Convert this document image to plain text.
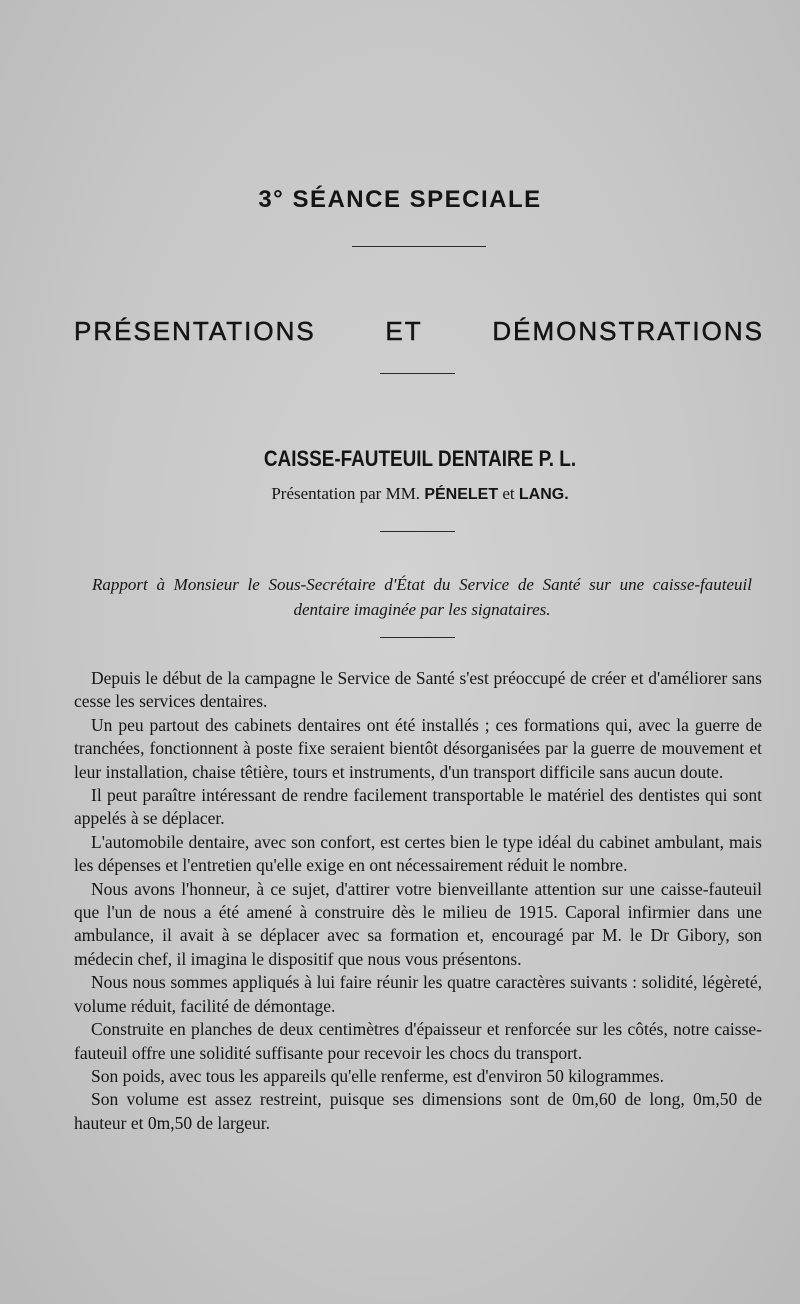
3° SÉANCE SPECIALE
PRÉSENTATIONS	ET	DÉMONSTRATIONS
CAISSE-FAUTEUIL DENTAIRE P. L.
Présentation par MM. PÉNELET et LANG.
Rapport à Monsieur le Sous-Secrétaire d'État du Service de Santé sur une caisse-fauteuil dentaire imaginée par les signataires.

Depuis le début de la campagne le Service de Santé s'est préoccupé de créer et d'améliorer sans cesse les services dentaires.

Un peu partout des cabinets dentaires ont été installés ; ces formations qui, avec la guerre de tranchées, fonctionnent à poste fixe seraient bientôt désorganisées par la guerre de mouvement et leur installation, chaise têtière, tours et instruments, d'un transport difficile sans aucun doute.

Il peut paraître intéressant de rendre facilement transportable le matériel des dentistes qui sont appelés à se déplacer.

L'automobile dentaire, avec son confort, est certes bien le type idéal du cabinet ambulant, mais les dépenses et l'entretien qu'elle exige en ont nécessairement réduit le nombre.

Nous avons l'honneur, à ce sujet, d'attirer votre bienveillante attention sur une caisse-fauteuil que l'un de nous a été amené à construire dès le milieu de 1915. Caporal infirmier dans une ambulance, il avait à se déplacer avec sa formation et, encouragé par M. le Dr Gibory, son médecin chef, il imagina le dispositif que nous vous présentons.

Nous nous sommes appliqués à lui faire réunir les quatre caractères suivants : solidité, légèreté, volume réduit, facilité de démontage.

Construite en planches de deux centimètres d'épaisseur et renforcée sur les côtés, notre caisse-fauteuil offre une solidité suffisante pour recevoir les chocs du transport.

Son poids, avec tous les appareils qu'elle renferme, est d'environ 50 kilogrammes.

Son volume est assez restreint, puisque ses dimensions sont de 0m,60 de long, 0m,50 de hauteur et 0m,50 de largeur.
